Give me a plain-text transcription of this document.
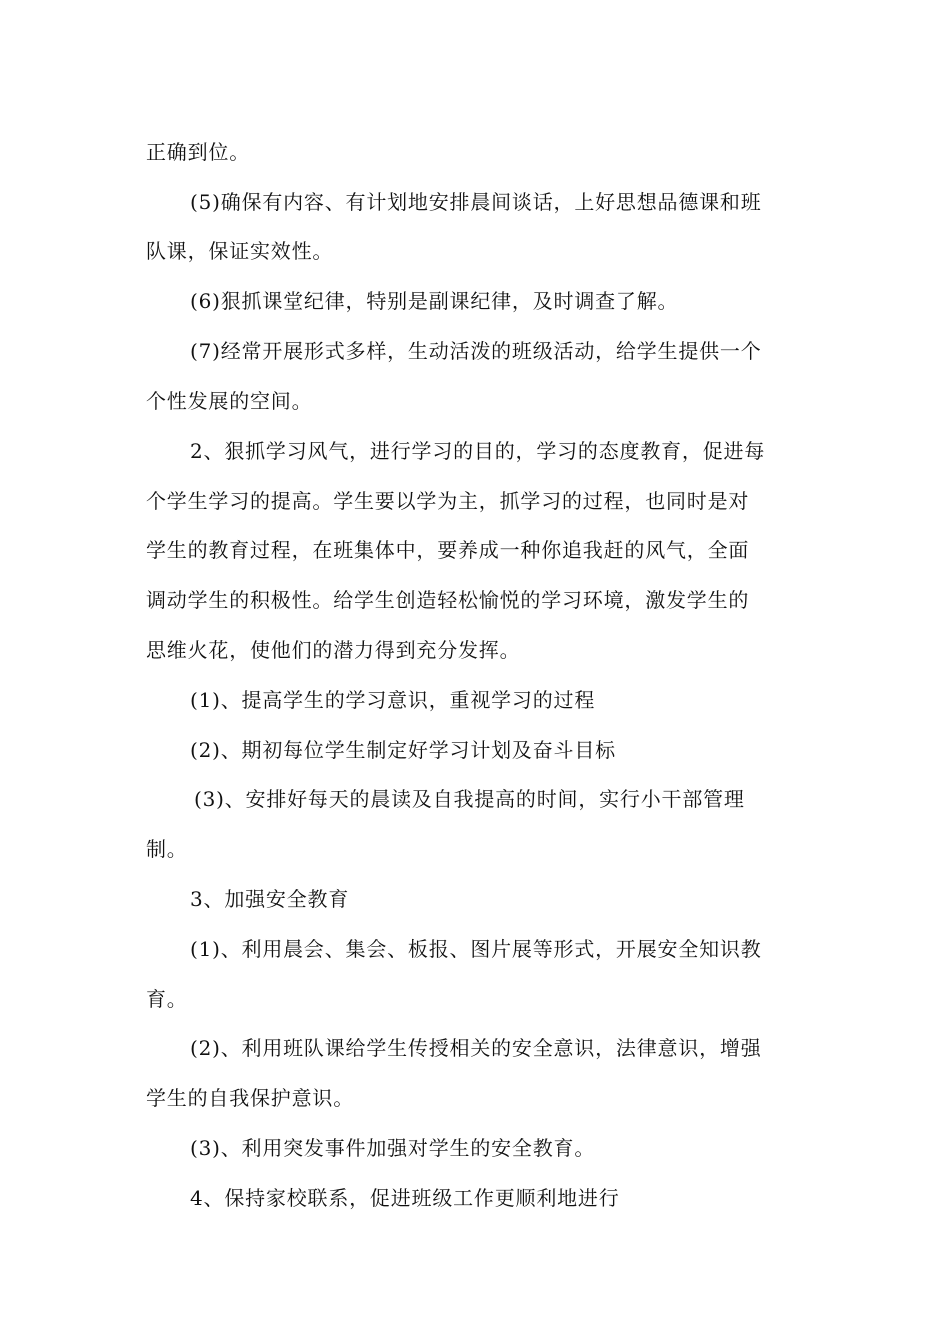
正确到位。
(5)确保有内容、有计划地安排晨间谈话，上好思想品德课和班
队课，保证实效性。
(6)狠抓课堂纪律，特别是副课纪律，及时调查了解。
(7)经常开展形式多样，生动活泼的班级活动，给学生提供一个
个性发展的空间。
2、狠抓学习风气，进行学习的目的，学习的态度教育，促进每
个学生学习的提高。学生要以学为主，抓学习的过程，也同时是对
学生的教育过程，在班集体中，要养成一种你追我赶的风气，全面
调动学生的积极性。给学生创造轻松愉悦的学习环境，激发学生的
思维火花，使他们的潜力得到充分发挥。
(1)、提高学生的学习意识，重视学习的过程
(2)、期初每位学生制定好学习计划及奋斗目标
(3)、安排好每天的晨读及自我提高的时间，实行小干部管理
制。
3、加强安全教育
(1)、利用晨会、集会、板报、图片展等形式，开展安全知识教
育。
(2)、利用班队课给学生传授相关的安全意识，法律意识，增强
学生的自我保护意识。
(3)、利用突发事件加强对学生的安全教育。
4、保持家校联系，促进班级工作更顺利地进行
